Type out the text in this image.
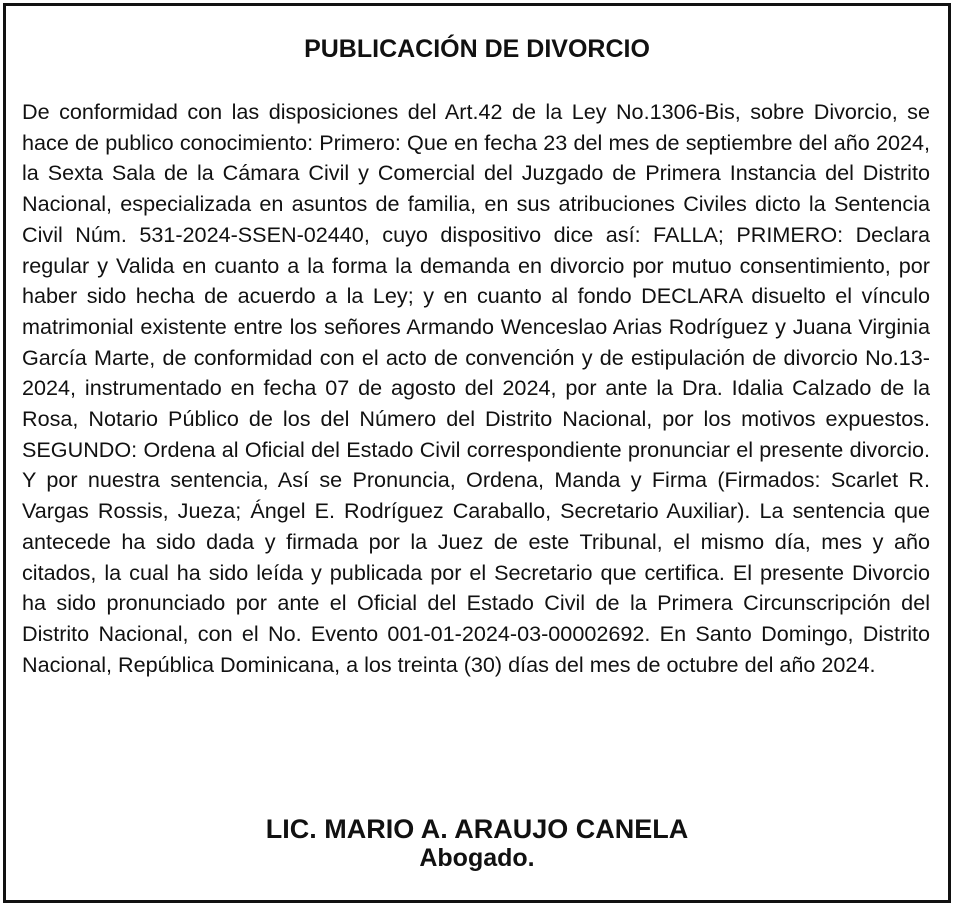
PUBLICACIÓN DE DIVORCIO

De conformidad con las disposiciones del Art.42 de la Ley No.1306-Bis, sobre Divorcio, se hace de publico conocimiento: Primero: Que en fecha 23 del mes de septiembre del año 2024, la Sexta Sala de la Cámara Civil y Comercial del Juzgado de Primera Instancia del Distrito Nacional, especializada en asuntos de familia, en sus atribuciones Civiles dicto la Sentencia Civil Núm. 531-2024-SSEN-02440, cuyo dispositivo dice así: FALLA; PRIMERO: Declara regular y Valida en cuanto a la forma la demanda en divorcio por mutuo consentimiento, por haber sido hecha de acuerdo a la Ley; y en cuanto al fondo DECLARA disuelto el vínculo matrimonial existente entre los señores Armando Wenceslao Arias Rodríguez y Juana Virginia García Marte, de conformidad con el acto de convención y de estipulación de divorcio No.13-2024, instrumentado en fecha 07 de agosto del 2024, por ante la Dra. Idalia Calzado de la Rosa, Notario Público de los del Número del Distrito Nacional, por los motivos expuestos. SEGUNDO: Ordena al Oficial del Estado Civil correspondiente pronunciar el presente divorcio. Y por nuestra sentencia, Así se Pronuncia, Ordena, Manda y Firma (Firmados: Scarlet R. Vargas Rossis, Jueza; Ángel E. Rodríguez Caraballo, Secretario Auxiliar). La sentencia que antecede ha sido dada y firmada por la Juez de este Tribunal, el mismo día, mes y año citados, la cual ha sido leída y publicada por el Secretario que certifica. El presente Divorcio ha sido pronunciado por ante el Oficial del Estado Civil de la Primera Circunscripción del Distrito Nacional, con el No. Evento 001-01-2024-03-00002692. En Santo Domingo, Distrito Nacional, República Dominicana, a los treinta (30) días del mes de octubre del año 2024.

LIC. MARIO A. ARAUJO CANELA
Abogado.
